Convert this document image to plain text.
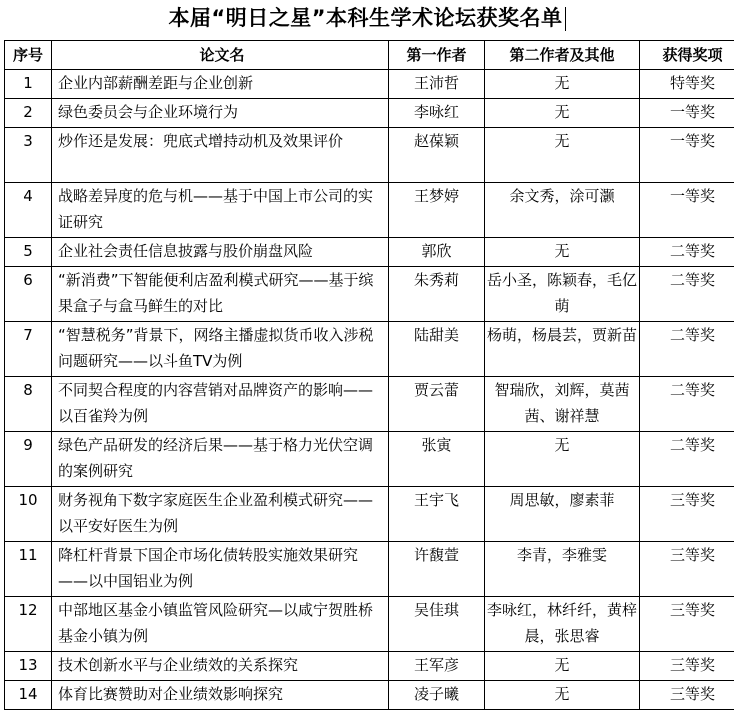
本届“明日之星”本科生学术论坛获奖名单
序号	论文名	第一作者	第二作者及其他	获得奖项
1	企业内部薪酬差距与企业创新	王沛哲	无	特等奖
2	绿色委员会与企业环境行为	李咏红	无	一等奖
3	炒作还是发展：兜底式增持动机及效果评价	赵葆颖	无	一等奖
4	战略差异度的危与机——基于中国上市公司的实证研究	王梦婷	余文秀，涂可灏	一等奖
5	企业社会责任信息披露与股价崩盘风险	郭欣	无	二等奖
6	“新消费”下智能便利店盈利模式研究——基于缤果盒子与盒马鲜生的对比	朱秀莉	岳小圣，陈颖春，毛亿萌	二等奖
7	“智慧税务”背景下，网络主播虚拟货币收入涉税问题研究——以斗鱼TV为例	陆甜美	杨萌，杨晨芸，贾新苗	二等奖
8	不同契合程度的内容营销对品牌资产的影响——以百雀羚为例	贾云蕾	智瑞欣，刘辉，莫茜茜、谢祥慧	二等奖
9	绿色产品研发的经济后果——基于格力光伏空调的案例研究	张寅	无	二等奖
10	财务视角下数字家庭医生企业盈利模式研究——以平安好医生为例	王宇飞	周思敏，廖素菲	三等奖
11	降杠杆背景下国企市场化债转股实施效果研究——以中国铝业为例	许馥萱	李青，李雅雯	三等奖
12	中部地区基金小镇监管风险研究—以咸宁贺胜桥基金小镇为例	吴佳琪	李咏红，林纤纤，黄梓晨，张思睿	三等奖
13	技术创新水平与企业绩效的关系探究	王军彦	无	三等奖
14	体育比赛赞助对企业绩效影响探究	凌子曦	无	三等奖
